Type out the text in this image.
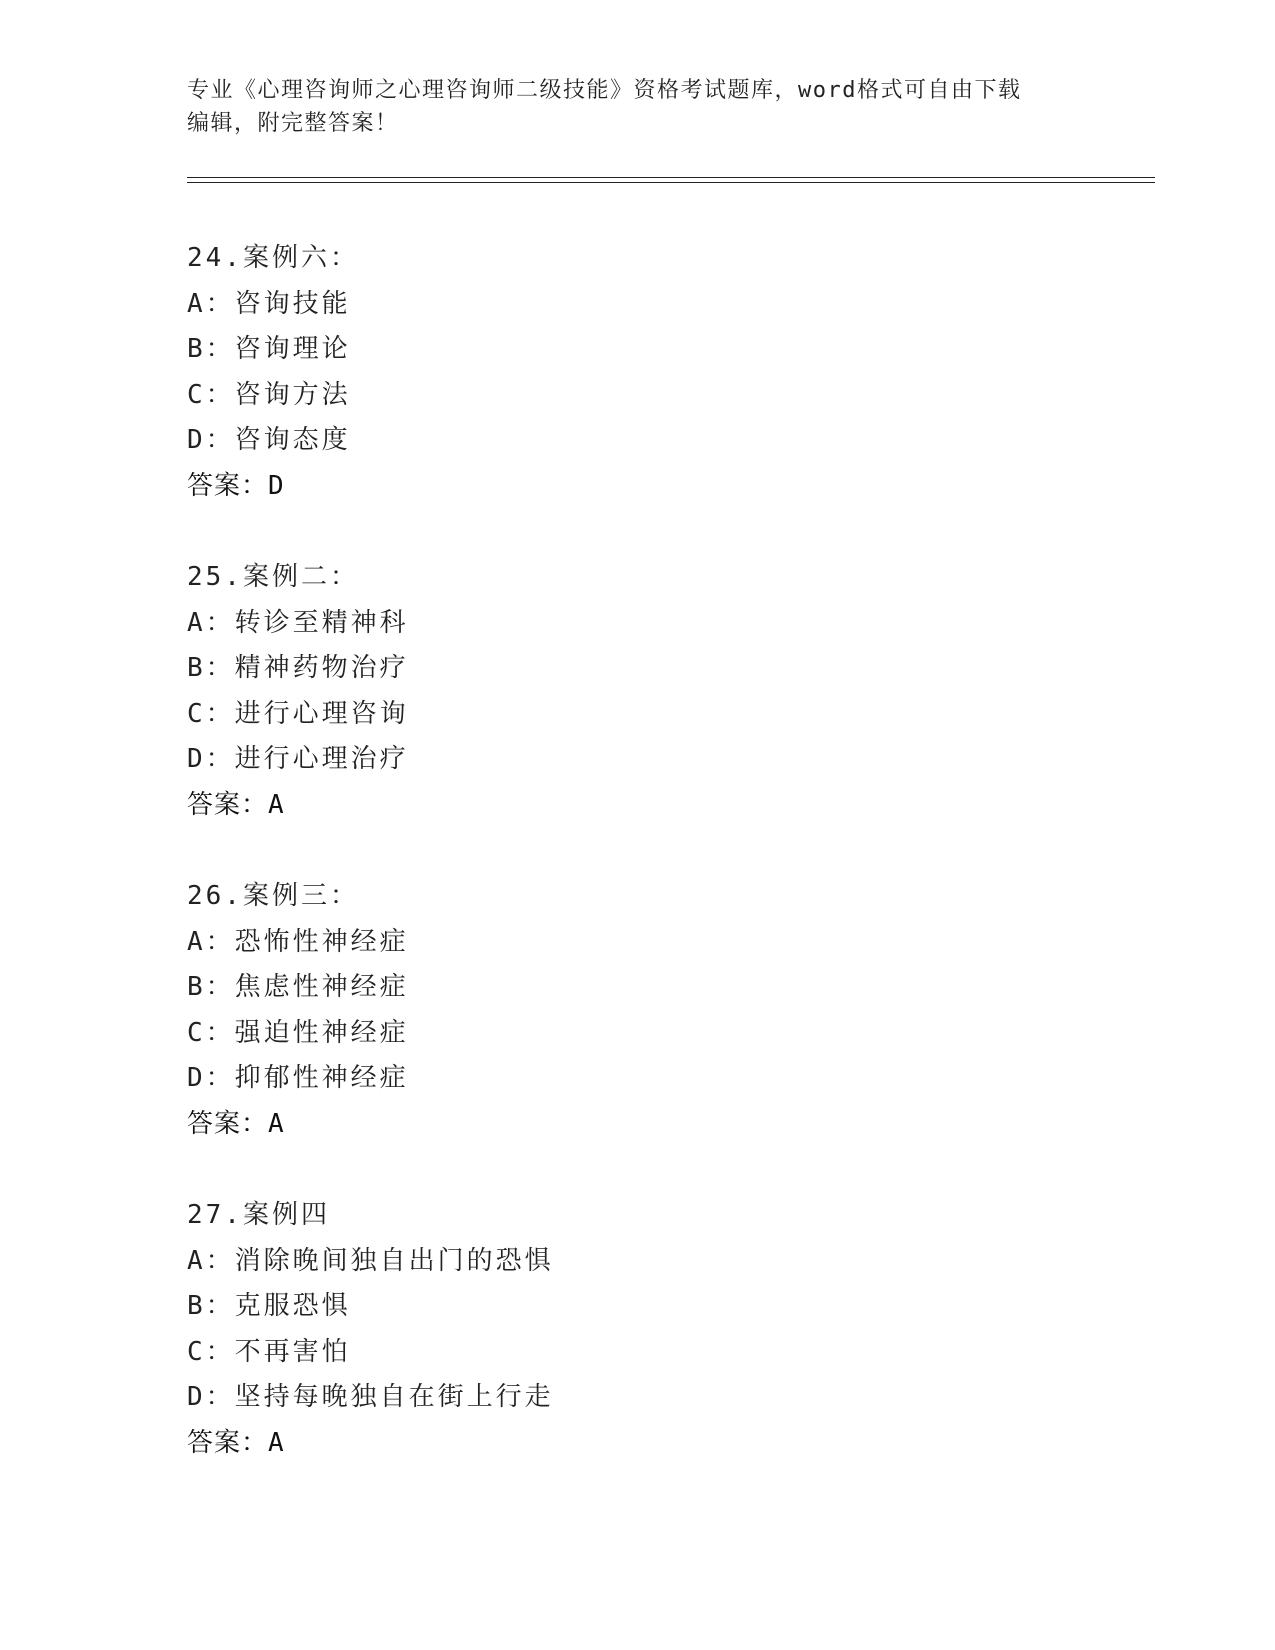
专业《心理咨询师之心理咨询师二级技能》资格考试题库，word格式可自由下载
编辑，附完整答案！
24.案例六：
A：咨询技能
B：咨询理论
C：咨询方法
D：咨询态度
答案：D
25.案例二：
A：转诊至精神科
B：精神药物治疗
C：进行心理咨询
D：进行心理治疗
答案：A
26.案例三：
A：恐怖性神经症
B：焦虑性神经症
C：强迫性神经症
D：抑郁性神经症
答案：A
27.案例四
A：消除晚间独自出门的恐惧
B：克服恐惧
C：不再害怕
D：坚持每晚独自在街上行走
答案：A
